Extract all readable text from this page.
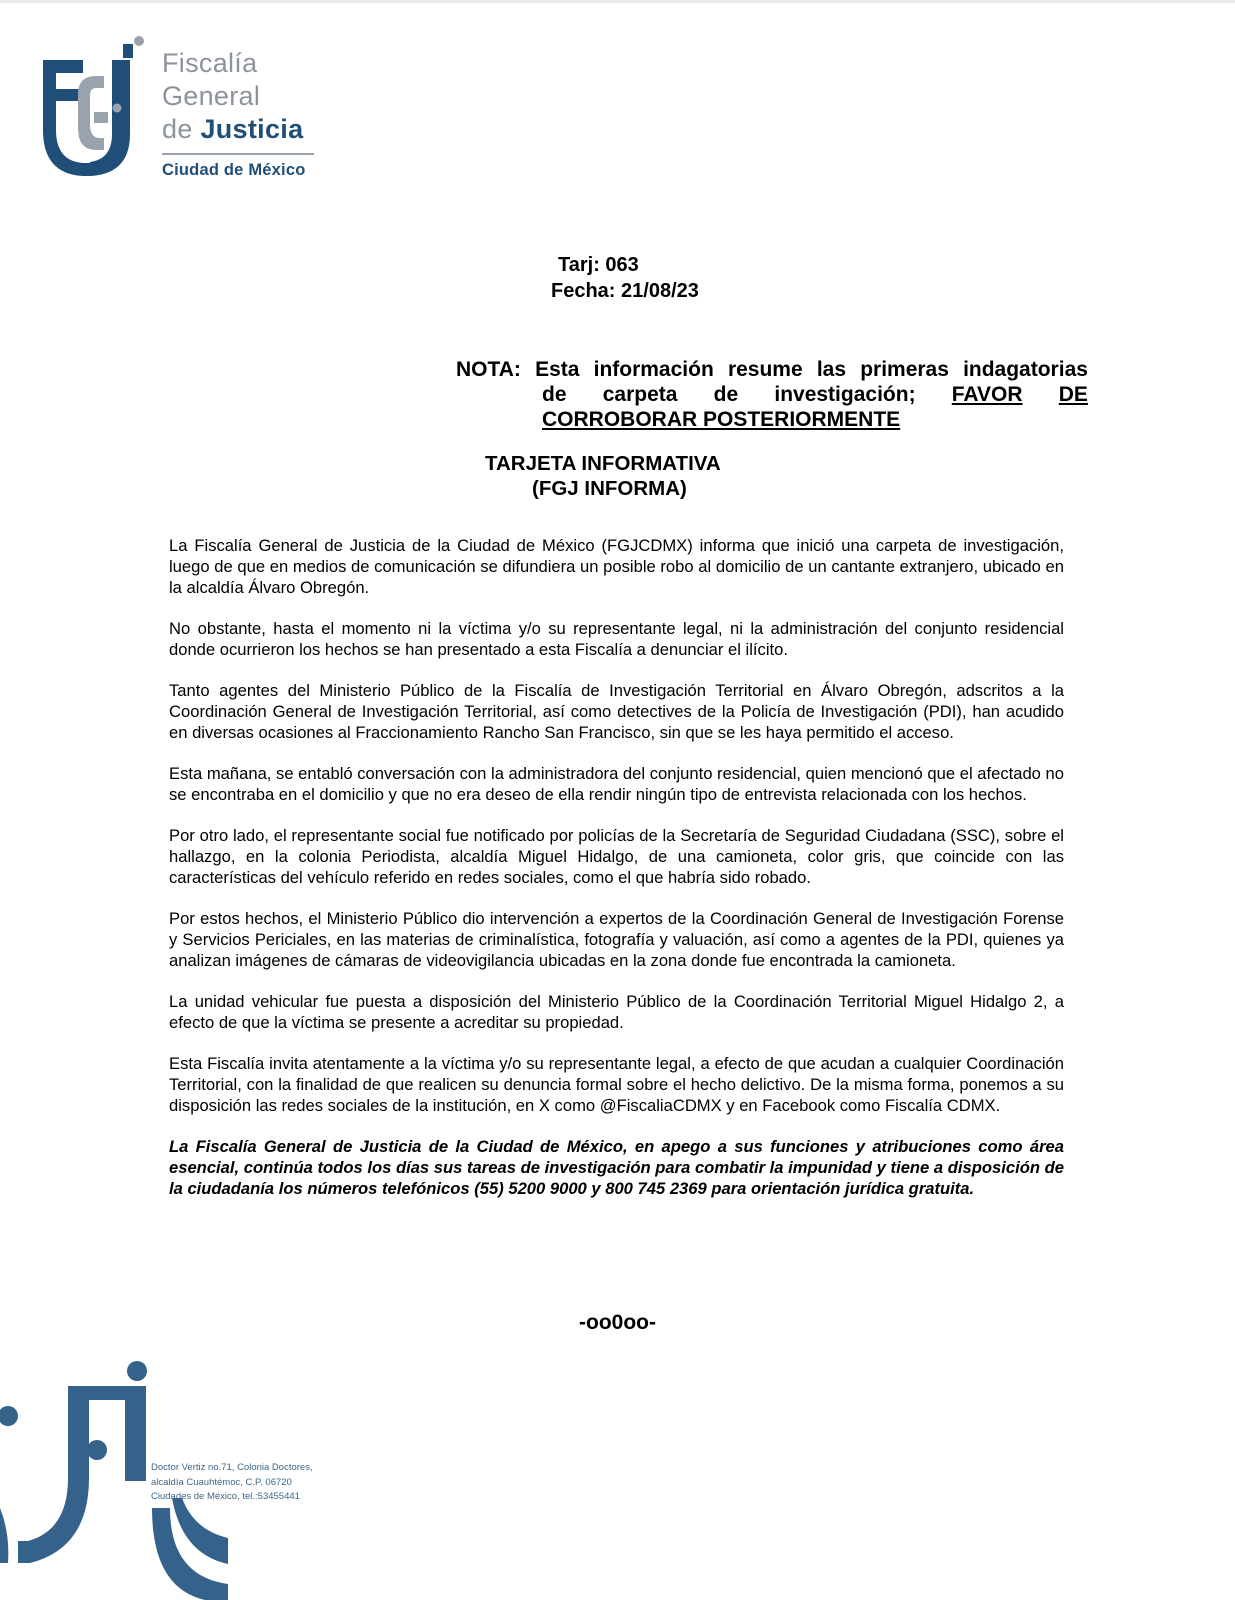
Fiscalía
General
de Justicia
Ciudad de México
Tarj: 063
Fecha: 21/08/23
NOTA: Esta información resume las primeras indagatorias
de carpeta de investigación; FAVOR DE
CORROBORAR POSTERIORMENTE
TARJETA INFORMATIVA
(FGJ INFORMA)

La Fiscalía General de Justicia de la Ciudad de México (FGJCDMX) informa que inició una carpeta de investigación, luego de que en medios de comunicación se difundiera un posible robo al domicilio de un cantante extranjero, ubicado en la alcaldía Álvaro Obregón.

No obstante, hasta el momento ni la víctima y/o su representante legal, ni la administración del conjunto residencial donde ocurrieron los hechos se han presentado a esta Fiscalía a denunciar el ilícito.

Tanto agentes del Ministerio Público de la Fiscalía de Investigación Territorial en Álvaro Obregón, adscritos a la Coordinación General de Investigación Territorial, así como detectives de la Policía de Investigación (PDI), han acudido en diversas ocasiones al Fraccionamiento Rancho San Francisco, sin que se les haya permitido el acceso.

Esta mañana, se entabló conversación con la administradora del conjunto residencial, quien mencionó que el afectado no se encontraba en el domicilio y que no era deseo de ella rendir ningún tipo de entrevista relacionada con los hechos.

Por otro lado, el representante social fue notificado por policías de la Secretaría de Seguridad Ciudadana (SSC), sobre el hallazgo, en la colonia Periodista, alcaldía Miguel Hidalgo, de una camioneta, color gris, que coincide con las características del vehículo referido en redes sociales, como el que habría sido robado.

Por estos hechos, el Ministerio Público dio intervención a expertos de la Coordinación General de Investigación Forense y Servicios Periciales, en las materias de criminalística, fotografía y valuación, así como a agentes de la PDI, quienes ya analizan imágenes de cámaras de videovigilancia ubicadas en la zona donde fue encontrada la camioneta.

La unidad vehicular fue puesta a disposición del Ministerio Público de la Coordinación Territorial Miguel Hidalgo 2, a efecto de que la víctima se presente a acreditar su propiedad.

Esta Fiscalía invita atentamente a la víctima y/o su representante legal, a efecto de que acudan a cualquier Coordinación Territorial, con la finalidad de que realicen su denuncia formal sobre el hecho delictivo. De la misma forma, ponemos a su disposición las redes sociales de la institución, en X como @FiscaliaCDMX y en Facebook como Fiscalía CDMX.

La Fiscalía General de Justicia de la Ciudad de México, en apego a sus funciones y atribuciones como área esencial, continúa todos los días sus tareas de investigación para combatir la impunidad y tiene a disposición de la ciudadanía los números telefónicos (55) 5200 9000 y 800 745 2369 para orientación jurídica gratuita.

-oo0oo-
Doctor Vertiz no.71, Colonia Doctores,
alcaldía Cuauhtémoc, C.P. 06720
Ciudades de México, tel.:53455441
